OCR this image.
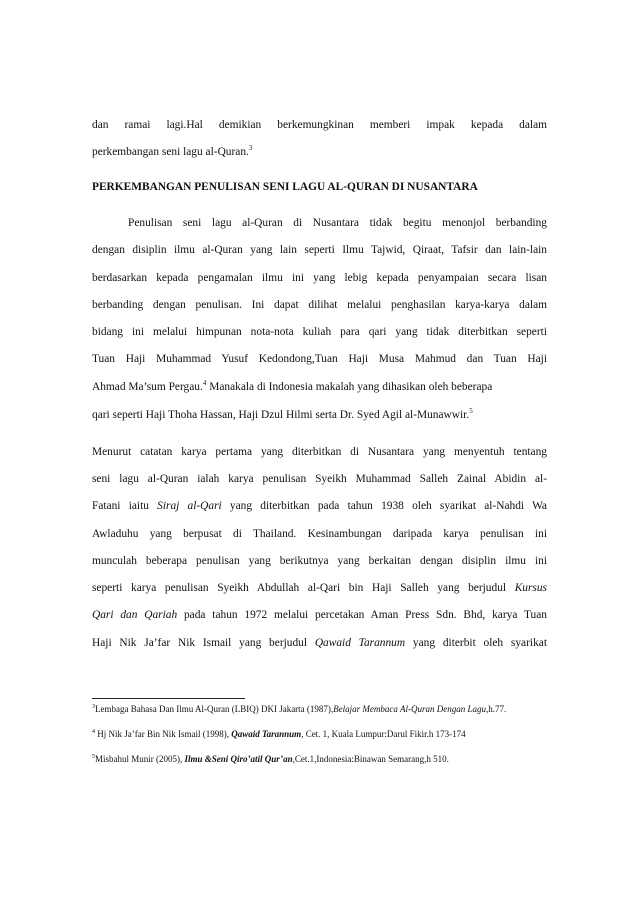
dan ramai lagi.Hal demikian berkemungkinan memberi impak kepada dalam
perkembangan seni lagu al-Quran.$^3$
PERKEMBANGAN PENULISAN SENI LAGU AL-QURAN DI NUSANTARA
Penulisan seni lagu al-Quran di Nusantara tidak begitu menonjol berbanding
dengan disiplin ilmu al-Quran yang lain seperti Ilmu Tajwid, Qiraat, Tafsir dan lain-lain
berdasarkan kepada pengamalan ilmu ini yang lebig kepada penyampaian secara lisan
berbanding dengan penulisan. Ini dapat dilihat melalui penghasilan karya-karya dalam
bidang ini melalui himpunan nota-nota kuliah para qari yang tidak diterbitkan seperti
Tuan Haji Muhammad Yusuf Kedondong,Tuan Haji Musa Mahmud dan Tuan Haji
Ahmad Ma’sum Pergau.$^4$ Manakala di Indonesia makalah yang dihasikan oleh beberapa
qari seperti Haji Thoha Hassan, Haji Dzul Hilmi serta Dr. Syed Agil al-Munawwir.$^5$
Menurut catatan karya pertama yang diterbitkan di Nusantara yang menyentuh tentang
seni lagu al-Quran ialah karya penulisan Syeikh Muhammad Salleh Zainal Abidin al-
Fatani iaitu Siraj al-Qari yang diterbitkan pada tahun 1938 oleh syarikat al-Nahdi Wa
Awladuhu yang berpusat di Thailand. Kesinambungan daripada karya penulisan ini
munculah beberapa penulisan yang berikutnya yang berkaitan dengan disiplin ilmu ini
seperti karya penulisan Syeikh Abdullah al-Qari bin Haji Salleh yang berjudul Kursus
Qari dan Qariah pada tahun 1972 melalui percetakan Aman Press Sdn. Bhd, karya Tuan
Haji Nik Ja’far Nik Ismail yang berjudul Qawaid Tarannum yang diterbit oleh syarikat
$^3$Lembaga Bahasa Dan Ilmu Al-Quran (LBIQ) DKI Jakarta (1987),Belajar Membaca Al-Quran Dengan Lagu,h.77.
$^4$ Hj Nik Ja’far Bin Nik Ismail (1998), Qawaid Tarannum, Cet. 1, Kuala Lumpur:Darul Fikir.h 173-174
$^5$Misbahul Munir (2005), Ilmu &Seni Qiro’atil Qur’an,Cet.1,Indonesia:Binawan Semarang,h 510.
